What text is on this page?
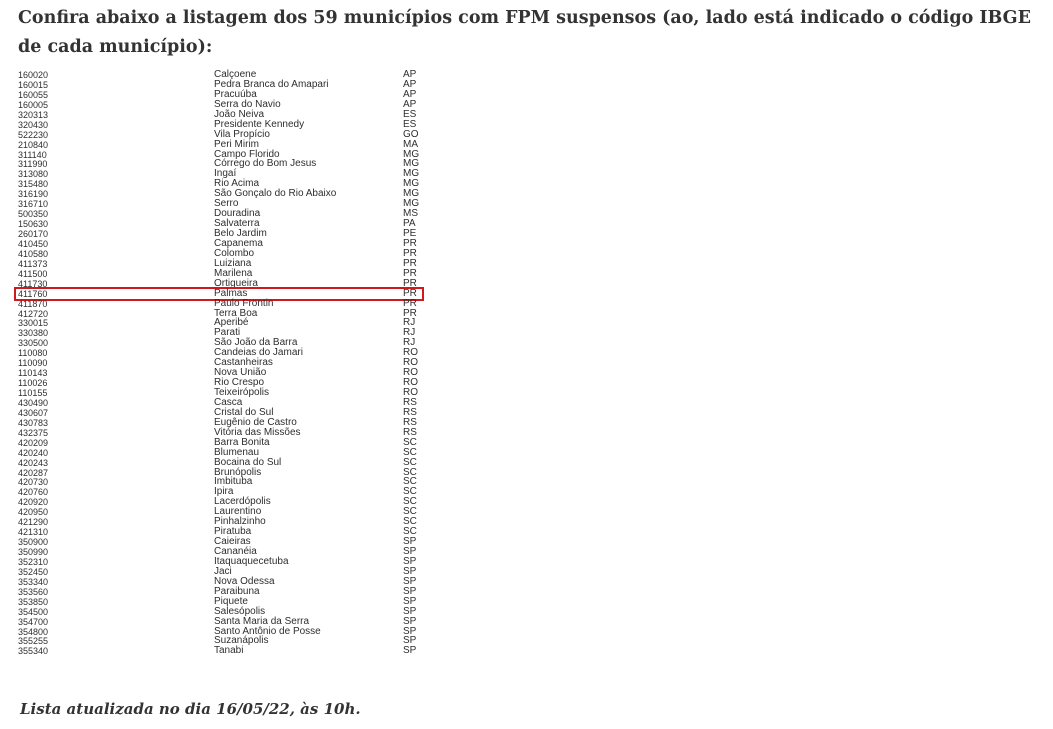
Confira abaixo a listagem dos 59 municípios com FPM suspensos (ao, lado está indicado o código IBGE de cada município):

160020	Calçoene	AP
160015	Pedra Branca do Amapari	AP
160055	Pracuúba	AP
160005	Serra do Navio	AP
320313	João Neiva	ES
320430	Presidente Kennedy	ES
522230	Vila Propício	GO
210840	Peri Mirim	MA
311140	Campo Florido	MG
311990	Córrego do Bom Jesus	MG
313080	Ingaí	MG
315480	Rio Acima	MG
316190	São Gonçalo do Rio Abaixo	MG
316710	Serro	MG
500350	Douradina	MS
150630	Salvaterra	PA
260170	Belo Jardim	PE
410450	Capanema	PR
410580	Colombo	PR
411373	Luiziana	PR
411500	Marilena	PR
411730	Ortigueira	PR
411760	Palmas	PR
411870	Paulo Frontin	PR
412720	Terra Boa	PR
330015	Aperibé	RJ
330380	Parati	RJ
330500	São João da Barra	RJ
110080	Candeias do Jamari	RO
110090	Castanheiras	RO
110143	Nova União	RO
110026	Rio Crespo	RO
110155	Teixeirópolis	RO
430490	Casca	RS
430607	Cristal do Sul	RS
430783	Eugênio de Castro	RS
432375	Vitória das Missões	RS
420209	Barra Bonita	SC
420240	Blumenau	SC
420243	Bocaina do Sul	SC
420287	Brunópolis	SC
420730	Imbituba	SC
420760	Ipira	SC
420920	Lacerdópolis	SC
420950	Laurentino	SC
421290	Pinhalzinho	SC
421310	Piratuba	SC
350900	Caieiras	SP
350990	Cananéia	SP
352310	Itaquaquecetuba	SP
352450	Jaci	SP
353340	Nova Odessa	SP
353560	Paraibuna	SP
353850	Piquete	SP
354500	Salesópolis	SP
354700	Santa Maria da Serra	SP
354800	Santo Antônio de Posse	SP
355255	Suzanápolis	SP
355340	Tanabi	SP

Lista atualizada no dia 16/05/22, às 10h.
